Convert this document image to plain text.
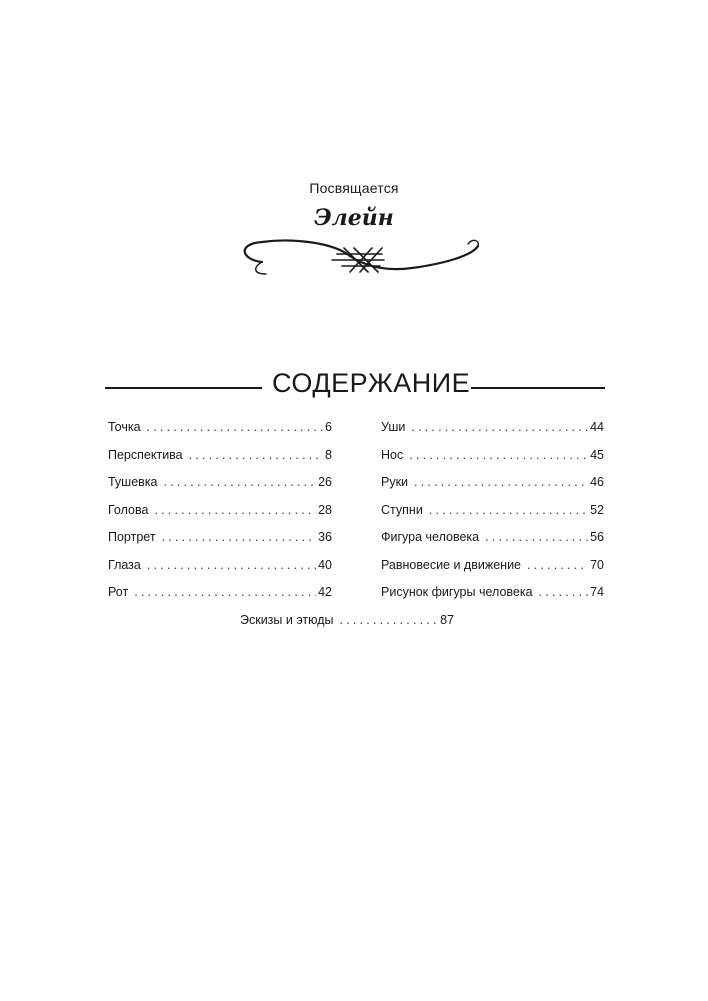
Посвящается
Элейн
СОДЕРЖАНИЕ
Точка .....	6
Перспектива .....	8
Тушевка .....	26
Голова .....	28
Портрет .....	36
Глаза .....	40
Рот .....	42
Уши .....	44
Нос .....	45
Руки .....	46
Ступни .....	52
Фигура человека .....	56
Равновесие и движение .....	70
Рисунок фигуры человека .....	74
Эскизы и этюды .....	87
